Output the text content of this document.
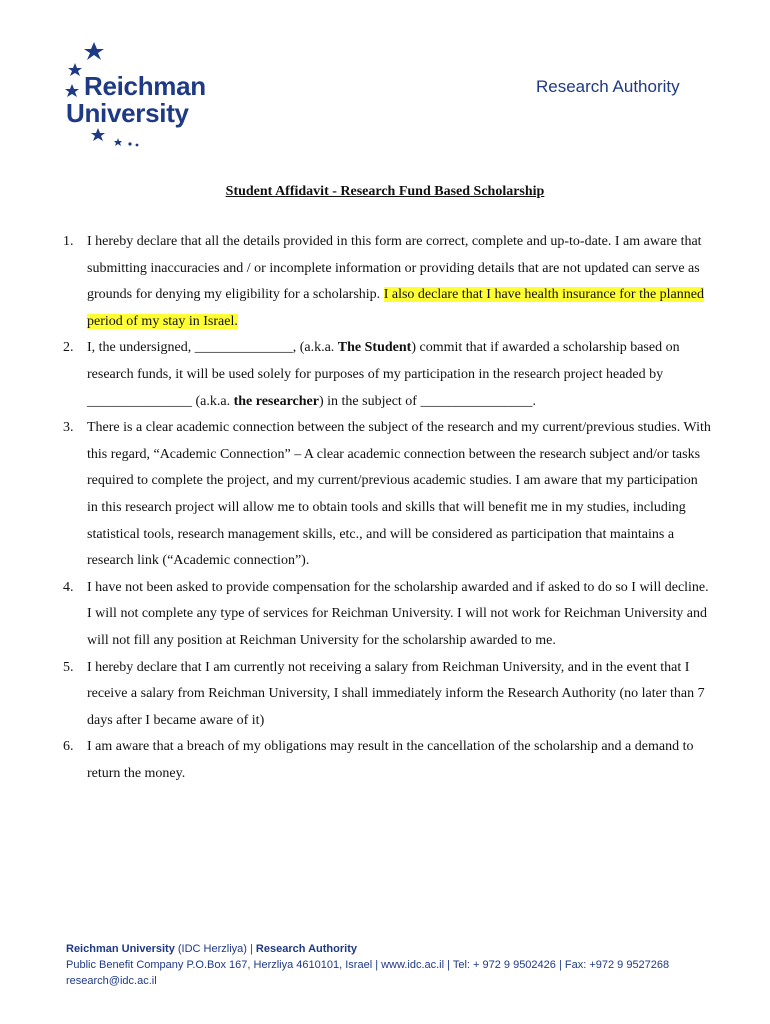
Reichman
University
Research Authority
Student Affidavit - Research Fund Based Scholarship
1. I hereby declare that all the details provided in this form are correct, complete and up-to-date. I am aware that submitting inaccuracies and / or incomplete information or providing details that are not updated can serve as grounds for denying my eligibility for a scholarship. I also declare that I have health insurance for the planned period of my stay in Israel.
2. I, the undersigned, ______________, (a.k.a. The Student) commit that if awarded a scholarship based on research funds, it will be used solely for purposes of my participation in the research project headed by _______________ (a.k.a. the researcher) in the subject of ________________.
3. There is a clear academic connection between the subject of the research and my current/previous studies. With this regard, “Academic Connection” – A clear academic connection between the research subject and/or tasks required to complete the project, and my current/previous academic studies. I am aware that my participation in this research project will allow me to obtain tools and skills that will benefit me in my studies, including statistical tools, research management skills, etc., and will be considered as participation that maintains a research link (“Academic connection”).
4. I have not been asked to provide compensation for the scholarship awarded and if asked to do so I will decline. I will not complete any type of services for Reichman University. I will not work for Reichman University and will not fill any position at Reichman University for the scholarship awarded to me.
5. I hereby declare that I am currently not receiving a salary from Reichman University, and in the event that I receive a salary from Reichman University, I shall immediately inform the Research Authority (no later than 7 days after I became aware of it)
6. I am aware that a breach of my obligations may result in the cancellation of the scholarship and a demand to return the money.
Reichman University (IDC Herzliya) | Research Authority
Public Benefit Company P.O.Box 167, Herzliya 4610101, Israel | www.idc.ac.il | Tel: + 972 9 9502426 | Fax: +972 9 9527268
research@idc.ac.il
